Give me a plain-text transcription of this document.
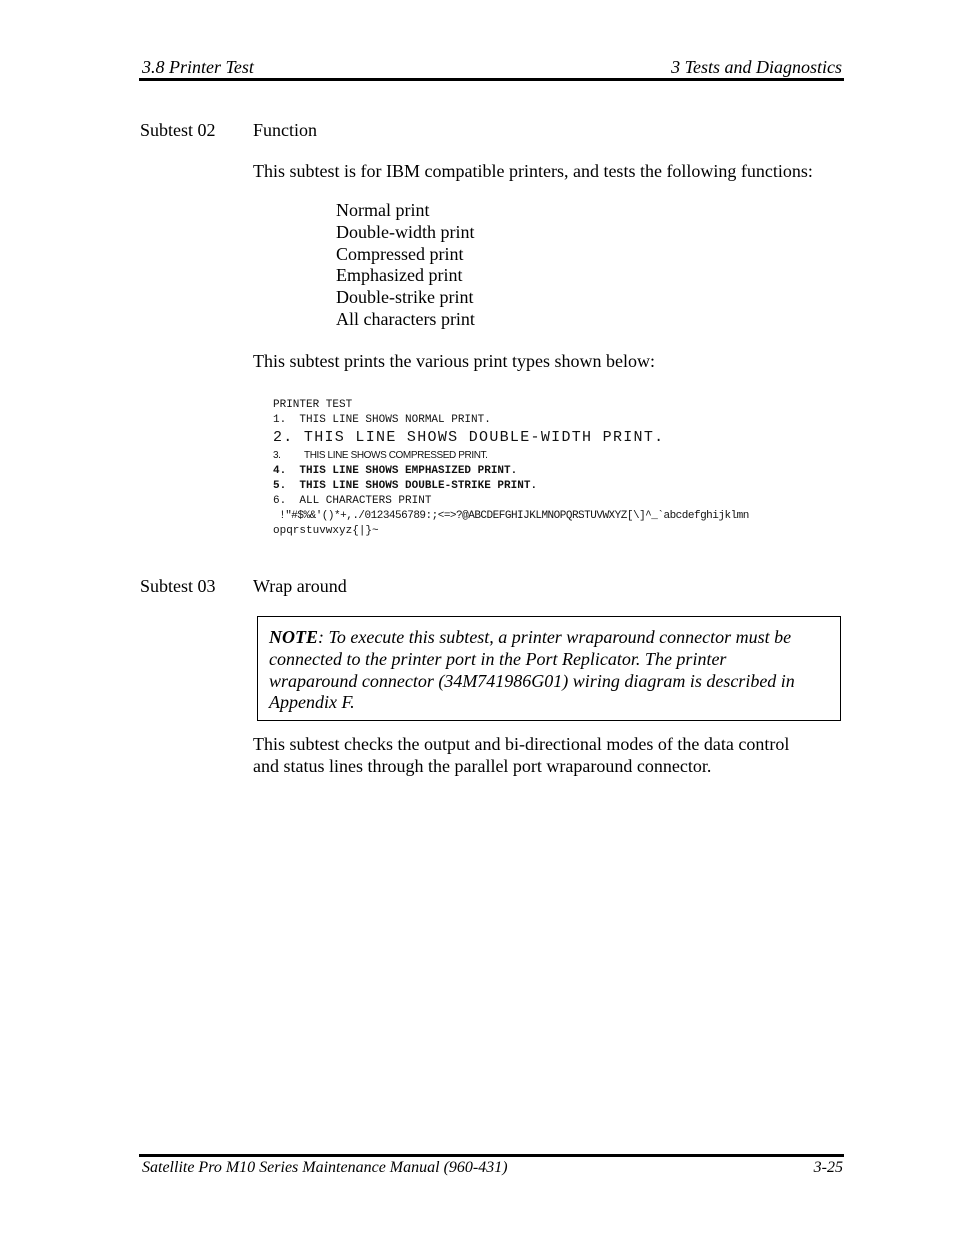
3.8 Printer Test	3 Tests and Diagnostics
Subtest 02 Function
This subtest is for IBM compatible printers, and tests the following functions:
Normal print
Double-width print
Compressed print
Emphasized print
Double-strike print
All characters print
This subtest prints the various print types shown below:
PRINTER TEST
1.  THIS LINE SHOWS NORMAL PRINT.
2. THIS LINE SHOWS DOUBLE-WIDTH PRINT.
3. THIS LINE SHOWS COMPRESSED PRINT.
4.  THIS LINE SHOWS EMPHASIZED PRINT.
5.  THIS LINE SHOWS DOUBLE-STRIKE PRINT.
6.  ALL CHARACTERS PRINT
!"#$%&'()*+,./0123456789:;<=>?@ABCDEFGHIJKLMNOPQRSTUVWXYZ[\]^_`abcdefghijklmn
opqrstuvwxyz{|}~
Subtest 03 Wrap around
NOTE: To execute this subtest, a printer wraparound connector must be
connected to the printer port in the Port Replicator. The printer
wraparound connector (34M741986G01) wiring diagram is described in
Appendix F.
This subtest checks the output and bi-directional modes of the data control
and status lines through the parallel port wraparound connector.
Satellite Pro M10 Series Maintenance Manual (960-431)	3-25
